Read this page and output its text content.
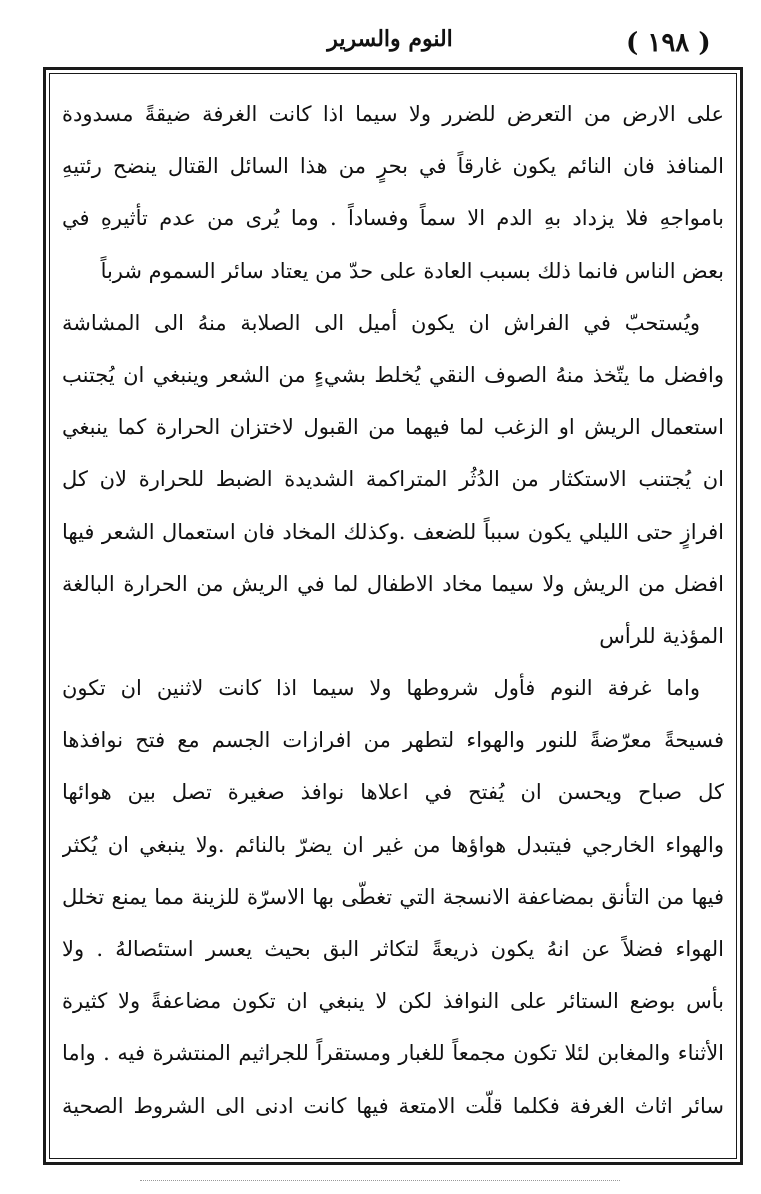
( ١٩٨ )
النوم والسرير
على الارض من التعرض للضرر ولا سيما اذا كانت الغرفة ضيقةً مسدودة
المنافذ فان النائم يكون غارقاً في بحرٍ من هذا السائل القتال ينضح رئتيهِ
بامواجهِ فلا يزداد بهِ الدم الا سماً وفساداً . وما يُرى من عدم تأثيرهِ في
بعض الناس فانما ذلك بسبب العادة على حدّ من يعتاد سائر السموم شرباً
ويُستحبّ في الفراش ان يكون أميل الى الصلابة منهُ الى المشاشة
وافضل ما يتّخذ منهُ الصوف النقي يُخلط بشيءٍ من الشعر وينبغي ان يُجتنب
استعمال الريش او الزغب لما فيهما من القبول لاختزان الحرارة كما ينبغي
ان يُجتنب الاستكثار من الدُثُر المتراكمة الشديدة الضبط للحرارة لان كل
افرازٍ حتى الليلي يكون سبباً للضعف .وكذلك المخاد فان استعمال الشعر فيها
افضل من الريش ولا سيما مخاد الاطفال لما في الريش من الحرارة البالغة
المؤذية للرأس
واما غرفة النوم فأول شروطها ولا سيما اذا كانت لاثنين ان تكون
فسيحةً معرّضةً للنور والهواء لتطهر من افرازات الجسم مع فتح نوافذها
كل صباح ويحسن ان يُفتح في اعلاها نوافذ صغيرة تصل بين هوائها
والهواء الخارجي فيتبدل هواؤها من غير ان يضرّ بالنائم .ولا ينبغي ان يُكثر
فيها من التأنق بمضاعفة الانسجة التي تغطّى بها الاسرّة للزينة مما يمنع تخلل
الهواء فضلاً عن انهُ يكون ذريعةً لتكاثر البق بحيث يعسر استئصالهُ . ولا
بأس بوضع الستائر على النوافذ لكن لا ينبغي ان تكون مضاعفةً ولا كثيرة
الأثناء والمغابن لئلا تكون مجمعاً للغبار ومستقراً للجراثيم المنتشرة فيه . واما
سائر اثاث الغرفة فكلما قلّت الامتعة فيها كانت ادنى الى الشروط الصحية
